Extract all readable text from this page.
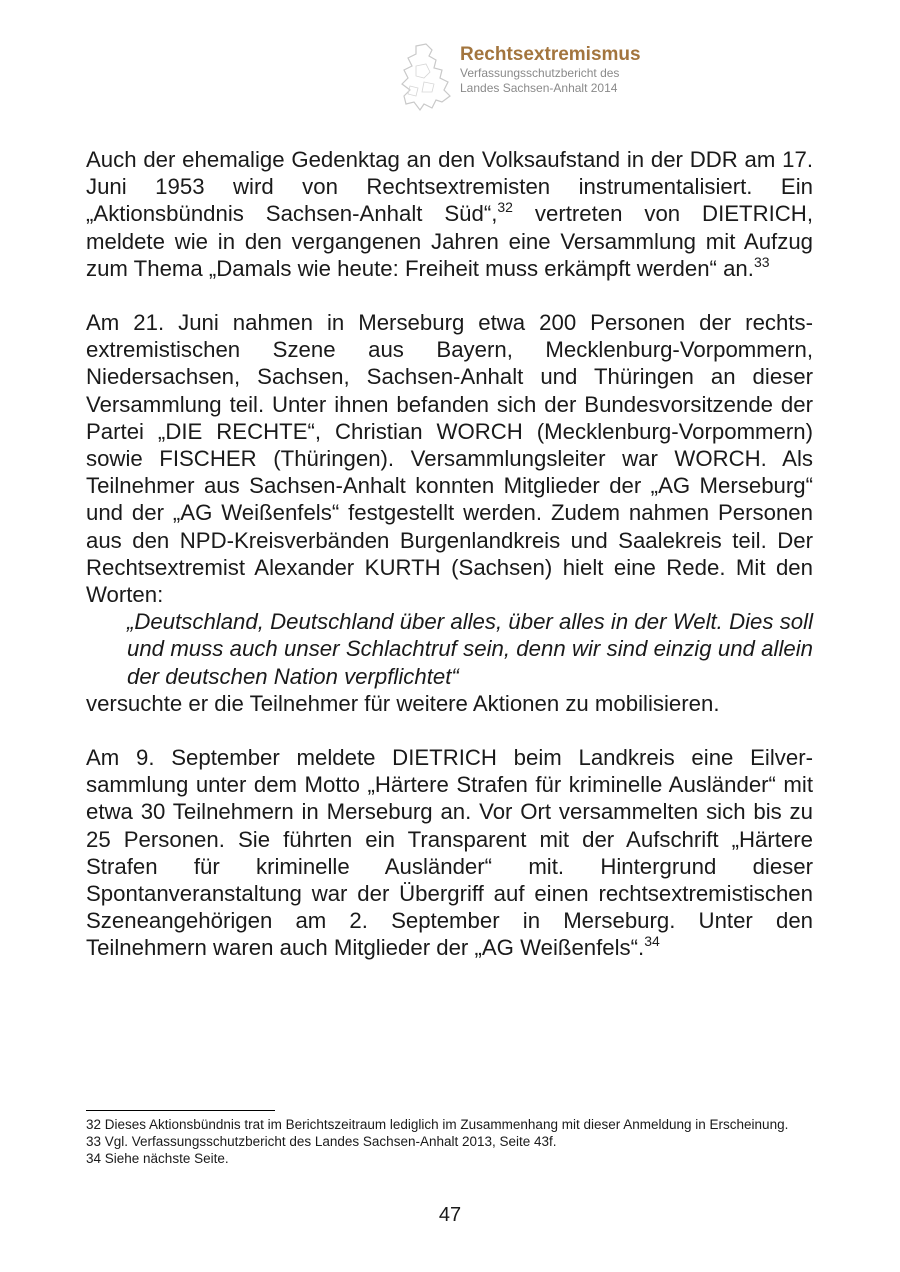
Rechtsextremismus
Verfassungsschutzbericht des
Landes Sachsen-Anhalt 2014

Auch der ehemalige Gedenktag an den Volksaufstand in der DDR am 17. Juni 1953 wird von Rechtsextremisten instrumentalisiert. Ein „Aktionsbündnis Sachsen-Anhalt Süd“,$^{32}$ vertreten von DIETRICH, meldete wie in den vergangenen Jahren eine Versammlung mit Aufzug zum Thema „Damals wie heute: Freiheit muss erkämpft werden“ an.$^{33}$

Am 21. Juni nahmen in Merseburg etwa 200 Personen der rechtsextremistischen Szene aus Bayern, Mecklenburg-Vorpommern, Niedersachsen, Sachsen, Sachsen-Anhalt und Thüringen an dieser Versammlung teil. Unter ihnen befanden sich der Bundesvorsitzende der Partei „DIE RECHTE“, Christian WORCH (Mecklenburg-Vorpommern) sowie FISCHER (Thüringen). Versammlungsleiter war WORCH. Als Teilnehmer aus Sachsen-Anhalt konnten Mitglieder der „AG Merseburg“ und der „AG Weißenfels“ festgestellt werden. Zudem nahmen Personen aus den NPD-Kreisverbänden Burgenlandkreis und Saalekreis teil. Der Rechtsextremist Alexander KURTH (Sachsen) hielt eine Rede. Mit den Worten:
„Deutschland, Deutschland über alles, über alles in der Welt. Dies soll und muss auch unser Schlachtruf sein, denn wir sind einzig und allein der deutschen Nation verpflichtet“
versuchte er die Teilnehmer für weitere Aktionen zu mobilisieren.

Am 9. September meldete DIETRICH beim Landkreis eine Eilversammlung unter dem Motto „Härtere Strafen für kriminelle Ausländer“ mit etwa 30 Teilnehmern in Merseburg an. Vor Ort versammelten sich bis zu 25 Personen. Sie führten ein Transparent mit der Aufschrift „Härtere Strafen für kriminelle Ausländer“ mit. Hintergrund dieser Spontanveranstaltung war der Übergriff auf einen rechtsextremistischen Szeneangehörigen am 2. September in Merseburg. Unter den Teilnehmern waren auch Mitglieder der „AG Weißenfels“.$^{34}$

32 Dieses Aktionsbündnis trat im Berichtszeitraum lediglich im Zusammenhang mit dieser Anmeldung in Erscheinung.

33 Vgl. Verfassungsschutzbericht des Landes Sachsen-Anhalt 2013, Seite 43f.

34 Siehe nächste Seite.

47
